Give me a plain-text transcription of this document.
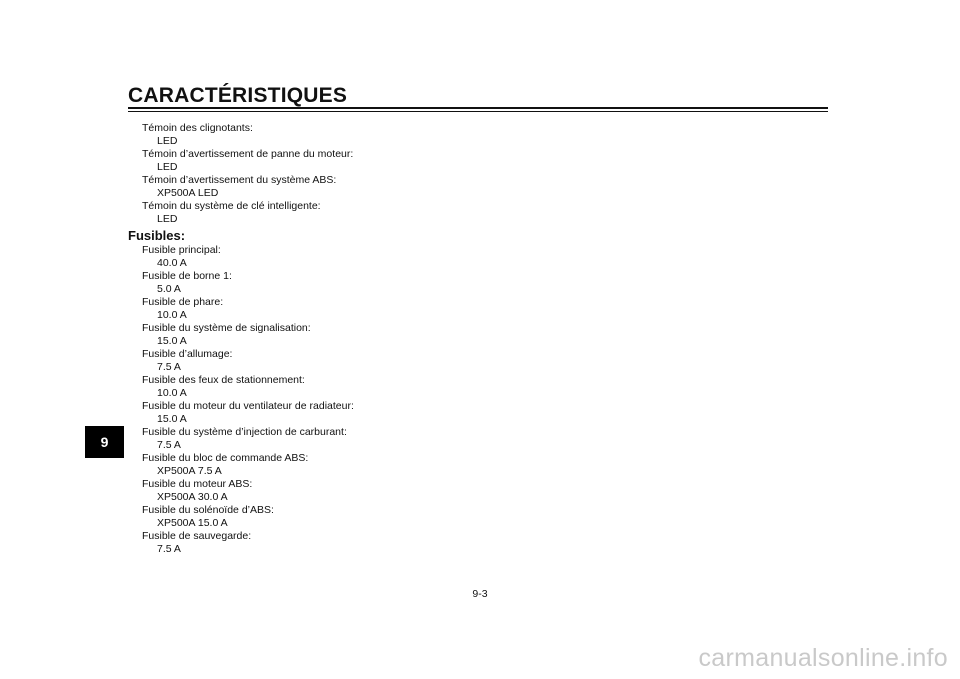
CARACTÉRISTIQUES
9
Témoin des clignotants:
LED
Témoin d’avertissement de panne du moteur:
LED
Témoin d’avertissement du système ABS:
XP500A LED
Témoin du système de clé intelligente:
LED
Fusibles:
Fusible principal:
40.0 A
Fusible de borne 1:
5.0 A
Fusible de phare:
10.0 A
Fusible du système de signalisation:
15.0 A
Fusible d’allumage:
7.5 A
Fusible des feux de stationnement:
10.0 A
Fusible du moteur du ventilateur de radiateur:
15.0 A
Fusible du système d’injection de carburant:
7.5 A
Fusible du bloc de commande ABS:
XP500A 7.5 A
Fusible du moteur ABS:
XP500A 30.0 A
Fusible du solénoïde d’ABS:
XP500A 15.0 A
Fusible de sauvegarde:
7.5 A
9-3
carmanualsonline.info
